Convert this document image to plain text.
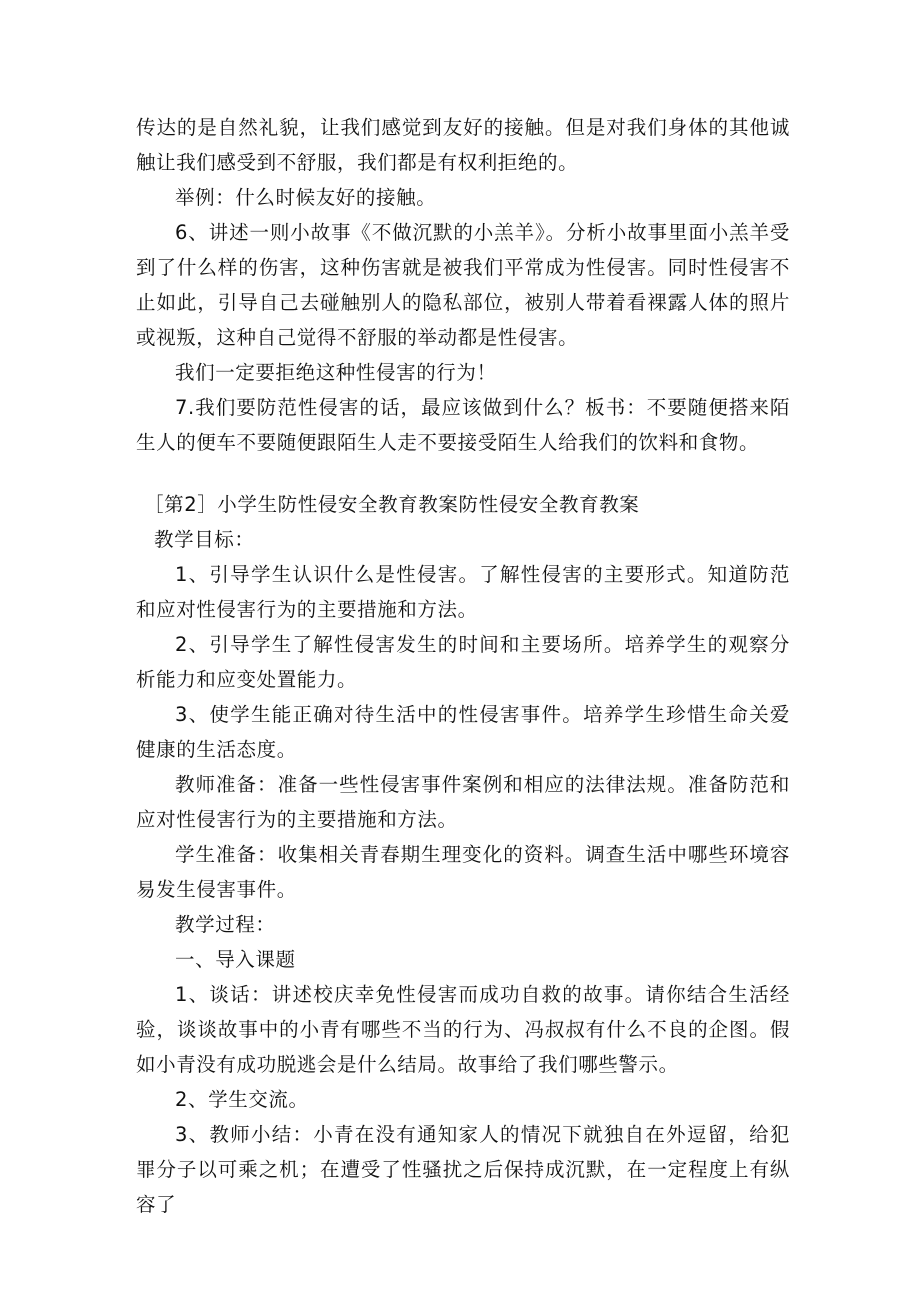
传达的是自然礼貌，让我们感觉到友好的接触。但是对我们身体的其他诚触让我们感受到不舒服，我们都是有权利拒绝的。

举例：什么时候友好的接触。

6、讲述一则小故事《不做沉默的小羔羊》。分析小故事里面小羔羊受到了什么样的伤害，这种伤害就是被我们平常成为性侵害。同时性侵害不止如此，引导自己去碰触别人的隐私部位，被别人带着看裸露人体的照片或视叛，这种自己觉得不舒服的举动都是性侵害。

我们一定要拒绝这种性侵害的行为！

7.我们要防范性侵害的话，最应该做到什么？板书：不要随便搭来陌生人的便车不要随便跟陌生人走不要接受陌生人给我们的饮料和食物。

［第2］小学生防性侵安全教育教案防性侵安全教育教案

教学目标：

1、引导学生认识什么是性侵害。了解性侵害的主要形式。知道防范和应对性侵害行为的主要措施和方法。

2、引导学生了解性侵害发生的时间和主要场所。培养学生的观察分析能力和应变处置能力。

3、使学生能正确对待生活中的性侵害事件。培养学生珍惜生命关爱健康的生活态度。

教师准备：准备一些性侵害事件案例和相应的法律法规。准备防范和应对性侵害行为的主要措施和方法。

学生准备：收集相关青春期生理变化的资料。调查生活中哪些环境容易发生侵害事件。

教学过程：

一、导入课题

1、谈话：讲述校庆幸免性侵害而成功自救的故事。请你结合生活经验，谈谈故事中的小青有哪些不当的行为、冯叔叔有什么不良的企图。假如小青没有成功脱逃会是什么结局。故事给了我们哪些警示。

2、学生交流。

3、教师小结：小青在没有通知家人的情况下就独自在外逗留，给犯罪分子以可乘之机；在遭受了性骚扰之后保持成沉默，在一定程度上有纵容了
